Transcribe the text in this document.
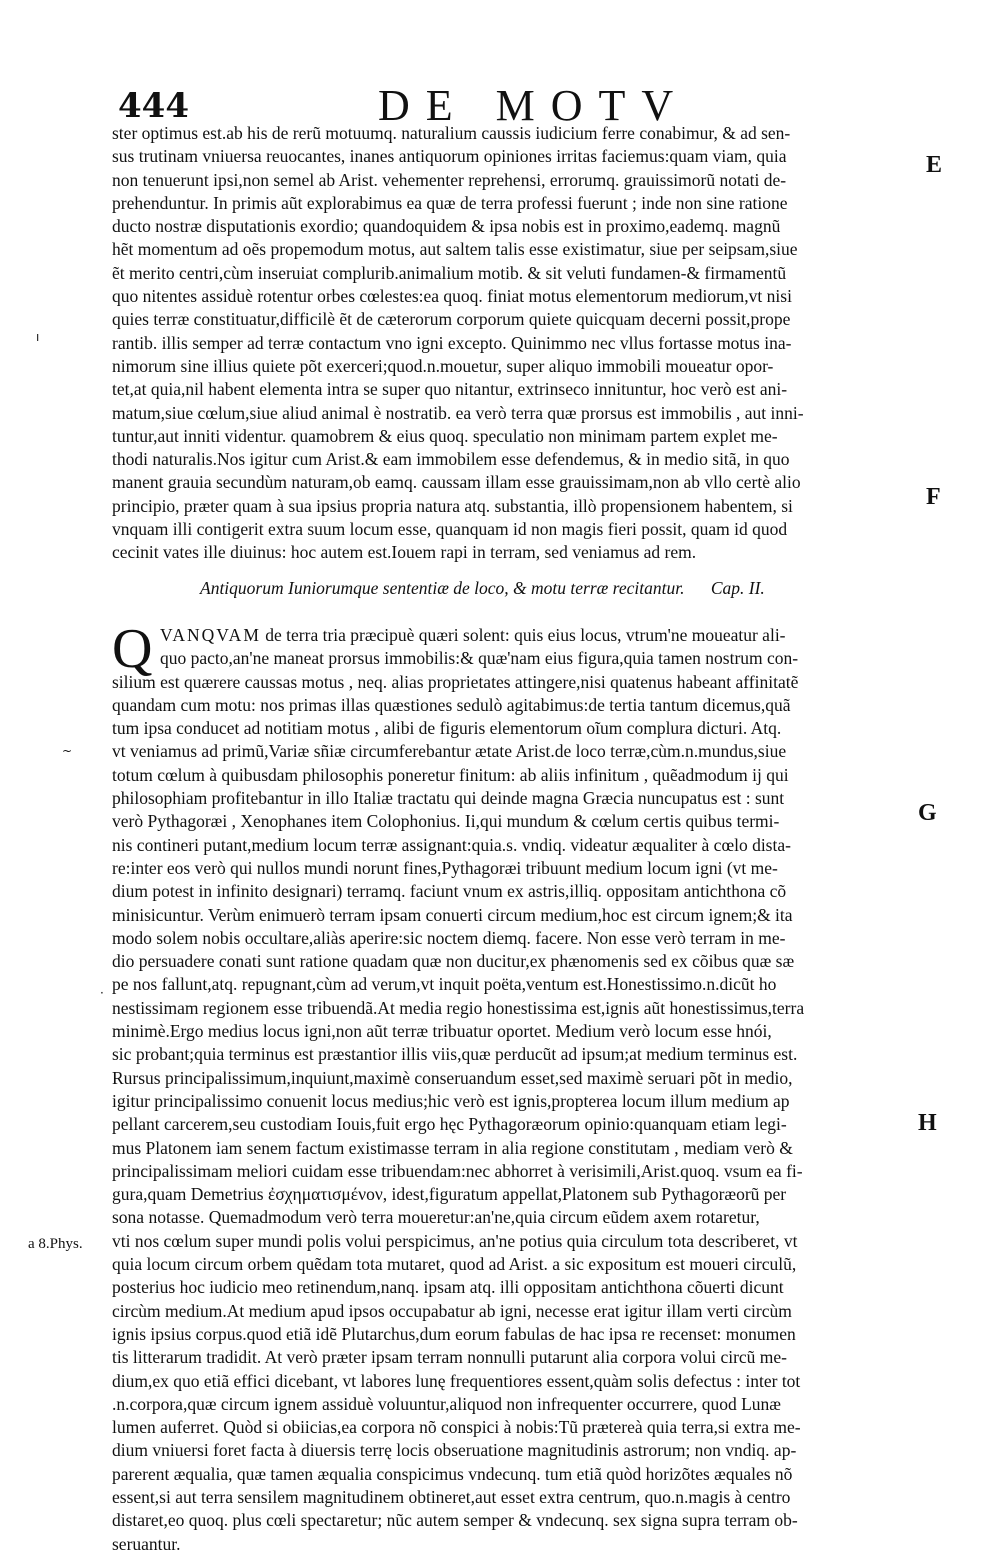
444	DE MOTV
ster optimus est.ab his de rerũ motuumq. naturalium caussis iudicium ferre conabimur, & ad sen-
sus trutinam vniuersa reuocantes, inanes antiquorum opiniones irritas faciemus:quam viam, quia
non tenuerunt ipsi,non semel ab Arist. vehementer reprehensi, errorumq. grauissimorũ notati de-
prehenduntur. In primis aũt explorabimus ea quæ de terra professi fuerunt ; inde non sine ratione
ducto nostræ disputationis exordio; quandoquidem & ipsa nobis est in proximo,eademq. magnũ
hẽt momentum ad oẽs propemodum motus, aut saltem talis esse existimatur, siue per seipsam,siue
ẽt merito centri,cùm inseruiat complurib.animalium motib. & sit veluti fundamen-& firmamentũ
quo nitentes assiduè rotentur orbes cœlestes:ea quoq. finiat motus elementorum mediorum,vt nisi
quies terræ constituatur,difficilè ẽt de cæterorum corporum quiete quicquam decerni possit,prope
rantib. illis semper ad terræ contactum vno igni excepto. Quinimmo nec vllus fortasse motus ina-
nimorum sine illius quiete põt exerceri;quod.n.mouetur, super aliquo immobili moueatur opor-
tet,at quia,nil habent elementa intra se super quo nitantur, extrinseco innituntur, hoc verò est ani-
matum,siue cœlum,siue aliud animal è nostratib. ea verò terra quæ prorsus est immobilis , aut inni-
tuntur,aut inniti videntur. quamobrem & eius quoq. speculatio non minimam partem explet me-
thodi naturalis.Nos igitur cum Arist.& eam immobilem esse defendemus, & in medio sitã, in quo
manent grauia secundùm naturam,ob eamq. caussam illam esse grauissimam,non ab vllo certè alio
principio, præter quam à sua ipsius propria natura atq. substantia, illò propensionem habentem, si
vnquam illi contigerit extra suum locum esse, quanquam id non magis fieri possit, quam id quod
cecinit vates ille diuinus: hoc autem est.Iouem rapi in terram, sed veniamus ad rem.
Antiquorum Iuniorumque sententiæ de loco, & motu terræ recitantur. Cap. II.
Q VANQVAM de terra tria præcipuè quæri solent: quis eius locus, vtrum'ne moueatur ali-
quo pacto,an'ne maneat prorsus immobilis:& quæ'nam eius figura,quia tamen nostrum con-
silium est quærere caussas motus , neq. alias proprietates attingere,nisi quatenus habeant affinitatẽ
quandam cum motu: nos primas illas quæstiones sedulò agitabimus:de tertia tantum dicemus,quã
tum ipsa conducet ad notitiam motus , alibi de figuris elementorum oĩum complura dicturi. Atq.
vt veniamus ad primũ,Variæ sñiæ circumferebantur ætate Arist.de loco terræ,cùm.n.mundus,siue
totum cœlum à quibusdam philosophis poneretur finitum: ab aliis infinitum , quẽadmodum ij qui
philosophiam profitebantur in illo Italiæ tractatu qui deinde magna Græcia nuncupatus est : sunt
verò Pythagoræi , Xenophanes item Colophonius. Ii,qui mundum & cœlum certis quibus termi-
nis contineri putant,medium locum terræ assignant:quia.s. vndiq. videatur æqualiter à cœlo dista-
re:inter eos verò qui nullos mundi norunt fines,Pythagoræi tribuunt medium locum igni (vt me-
dium potest in infinito designari) terramq. faciunt vnum ex astris,illiq. oppositam antichthona cõ
minisicuntur. Verùm enimuerò terram ipsam conuerti circum medium,hoc est circum ignem;& ita
modo solem nobis occultare,aliàs aperire:sic noctem diemq. facere. Non esse verò terram in me-
dio persuadere conati sunt ratione quadam quæ non ducitur,ex phænomenis sed ex cõibus quæ sæ
pe nos fallunt,atq. repugnant,cùm ad verum,vt inquit poëta,ventum est.Honestissimo.n.dicũt ho
nestissimam regionem esse tribuendã.At media regio honestissima est,ignis aũt honestissimus,terra
minimè.Ergo medius locus igni,non aũt terræ tribuatur oportet. Medium verò locum esse hnói,
sic probant;quia terminus est præstantior illis viis,quæ perducũt ad ipsum;at medium terminus est.
Rursus principalissimum,inquiunt,maximè conseruandum esset,sed maximè seruari põt in medio,
igitur principalissimo conuenit locus medius;hic verò est ignis,propterea locum illum medium ap
pellant carcerem,seu custodiam Iouis,fuit ergo hęc Pythagoræorum opinio:quanquam etiam legi-
mus Platonem iam senem factum existimasse terram in alia regione constitutam , mediam verò &
principalissimam meliori cuidam esse tribuendam:nec abhorret à verisimili,Arist.quoq. vsum ea fi-
gura,quam Demetrius ἐσχηματισμένον, idest,figuratum appellat,Platonem sub Pythagoræorũ per
sona notasse. Quemadmodum verò terra moueretur:an'ne,quia circum eũdem axem rotaretur,
vti nos cœlum super mundi polis volui perspicimus, an'ne potius quia circulum tota describeret, vt
quia locum circum orbem quẽdam tota mutaret, quod ad Arist. a sic expositum est moueri circulũ,
posterius hoc iudicio meo retinendum,nanq. ipsam atq. illi oppositam antichthona cõuerti dicunt
circùm medium.At medium apud ipsos occupabatur ab igni, necesse erat igitur illam verti circùm
ignis ipsius corpus.quod etiã idẽ Plutarchus,dum eorum fabulas de hac ipsa re recenset: monumen
tis litterarum tradidit. At verò præter ipsam terram nonnulli putarunt alia corpora volui circũ me-
dium,ex quo etiã effici dicebant, vt labores lunę frequentiores essent,quàm solis defectus : inter tot
.n.corpora,quæ circum ignem assiduè voluuntur,aliquod non infrequenter occurrere, quod Lunæ
lumen auferret. Quòd si obiicias,ea corpora nõ conspici à nobis:Tũ prætereà quia terra,si extra me-
dium vniuersi foret facta à diuersis terrę locis obseruatione magnitudinis astrorum; non vndiq. ap-
parerent æqualia, quæ tamen æqualia conspicimus vndecunq. tum etiã quòd horizõtes æquales nõ
essent,si aut terra sensilem magnitudinem obtineret,aut esset extra centrum, quo.n.magis à centro
distaret,eo quoq. plus cœli spectaretur; nũc autem semper & vndecunq. sex signa supra terram ob-
seruantur.
E
F
G
H
a 8.Phys.
ı
~
·
